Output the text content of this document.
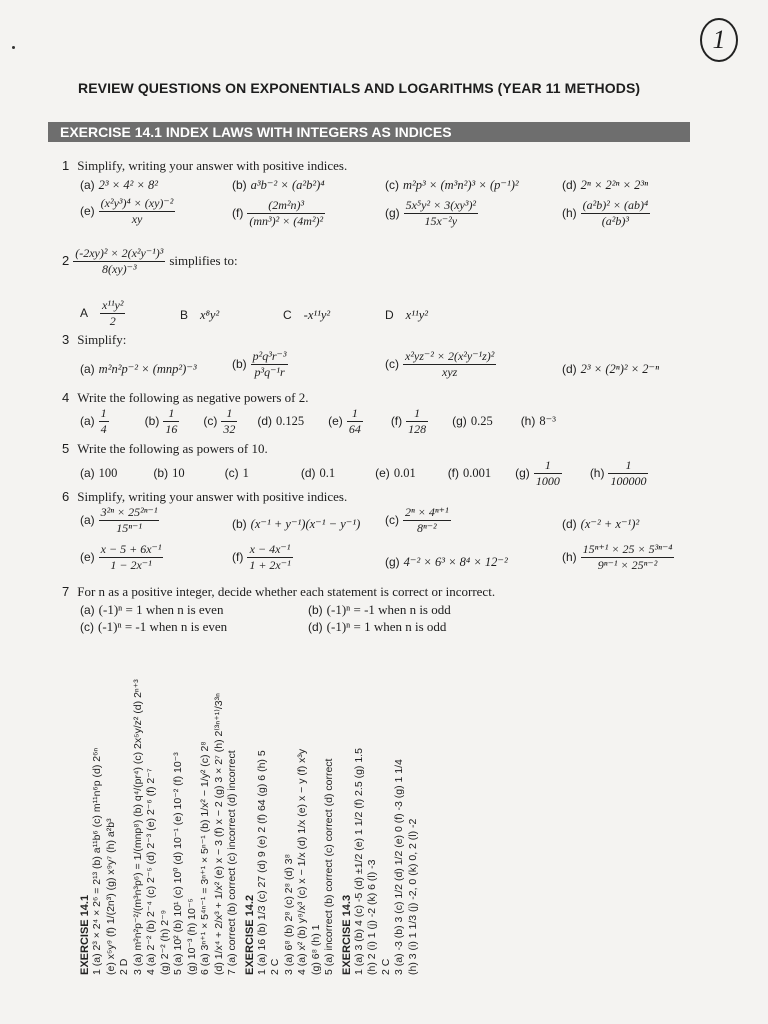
1
REVIEW QUESTIONS ON EXPONENTIALS AND LOGARITHMS (YEAR 11 METHODS)
EXERCISE 14.1 INDEX LAWS WITH INTEGERS AS INDICES
1 Simplify, writing your answer with positive indices.
(a) 2³ × 4² × 8²	(b) a³b⁻² × (a²b²)⁴	(c) m²p³ × (m³n²)³ × (p⁻¹)²	(d) 2ⁿ × 2²ⁿ × 2³ⁿ
$(e) \frac{\text{(x²y³)⁴ × (xy)⁻²}}{xy}$	$(f) \frac{\text{(2m²n)³}}{\text{(mn³)² × (4m²)²}}$	$(g) \frac{\text{5x⁵y² × 3(xy³)²}}{\text{15x⁻²y}}$	$(h) \frac{\text{(a²b)² × (ab)⁴}}{\text{(a²b)³}}$
$2 \frac{\text{(-2xy)² × 2(x²y⁻¹)³}}{\text{8(xy)⁻³}}$ simplifies to:
A $\frac{\text{x¹¹y²}}{2}$	B x⁸y²	C -x¹¹y²	D x¹¹y²
3 Simplify:
(a) m²n²p⁻² × (mnp²)⁻³	$(b) \frac{\text{p²q³r⁻³}}{\text{p³q⁻¹r}}$	$(c) \frac{\text{x²yz⁻² × 2(x²y⁻¹z)²}}{\text{xyz}}$	(d) 2³ × (2ⁿ)² × 2⁻ⁿ
4 Write the following as negative powers of 2.
$(a) \frac{1}{4}$	$(b) \frac{1}{16} (c) \frac{1}{32} (d)$ 0.125 $(e) \frac{1}{64} (f) \frac{1}{128} (g)$ 0.25 (h) 8⁻³
5 Write the following as powers of 10.
(a) 100	(b) 10	(c) 1	(d) 0.1	(e) 0.01	(f) 0.001 $(g) \frac{1}{1000} (h) \frac{1}{100000}$
6 Simplify, writing your answer with positive indices.
$(a) \frac{\text{3²ⁿ × 25²ⁿ⁻¹}}{\text{15ⁿ⁻¹}}$	(b) (x⁻¹ + y⁻¹)(x⁻¹ − y⁻¹) $(c) \frac{\text{2ⁿ × 4ⁿ⁺¹}}{\text{8ⁿ⁻²}}$	(d) (x⁻² + x⁻¹)²
$(e) \frac{\text{x − 5 + 6x⁻¹}}{\text{1 − 2x⁻¹}}$	$(f) \frac{\text{x − 4x⁻¹}}{\text{1 + 2x⁻¹}}$	(g) 4⁻² × 6³ × 8⁴ × 12⁻²	$(h) \frac{\text{15ⁿ⁺¹ × 25 × 5³ⁿ⁻⁴}}{\text{9ⁿ⁻¹ × 25ⁿ⁻²}}$
7 For n as a positive integer, decide whether each statement is correct or incorrect.
(a) (-1)ⁿ = 1 when n is even	(b) (-1)ⁿ = -1 when n is odd
(c) (-1)ⁿ = -1 when n is even	(d) (-1)ⁿ = 1 when n is odd
EXERCISE 14.1 1 (a) 2³ × 2⁴ × 2⁶ = 2¹³ (b) a¹¹b⁶ (c) m¹¹n⁶p (d) 2⁶ⁿ (e) x⁵y⁹ (f) 1/(2n³) (g) x⁹y⁷ (h) a²b³ 2 D 3 (a) m²n²p⁻²/(m³n³p⁶) = 1/(mnp⁸) (b) q⁴/(pr⁴) (c) 2x⁵y/z² (d) 2ⁿ⁺³ 4 (a) 2⁻² (b) 2⁻⁴ (c) 2⁻⁵ (d) 2⁻³ (e) 2⁻⁶ (f) 2⁻⁷ (g) 2⁻² (h) 2⁻⁹ 5 (a) 10² (b) 10¹ (c) 10⁰ (d) 10⁻¹ (e) 10⁻² (f) 10⁻³ (g) 10⁻³ (h) 10⁻⁵ 6 (a) 3ⁿ⁺¹ × 5⁴ⁿ⁻¹ = 3ⁿ⁺¹ × 5ⁿ⁻¹ (b) 1/x² − 1/y² (c) 2⁸ (d) 1/x⁴ + 2/x³ + 1/x² (e) x − 3 (f) x − 2 (g) 3 × 2⁷ (h) 2⁽³ⁿ⁺¹⁾/3³ⁿ 7 (a) correct (b) correct (c) incorrect (d) incorrect EXERCISE 14.2 1 (a) 16 (b) 1/3 (c) 27 (d) 9 (e) 2 (f) 64 (g) 6 (h) 5 2 C 3 (a) 6⁸ (b) 2⁸ (c) 2⁸ (d) 3⁸ 4 (a) x² (b) y⁹/x³ (c) x − 1/x (d) 1/x (e) x − y (f) x³y (g) 6⁸ (h) 1 5 (a) incorrect (b) correct (c) correct (d) correct EXERCISE 14.3 1 (a) 3 (b) 4 (c) -5 (d) ±1/2 (e) 1 1/2 (f) 2.5 (g) 1.5 (h) 2 (i) 1 (j) -2 (k) 6 (l) -3 2 C 3 (a) -3 (b) 3 (c) 1/2 (d) 1/2 (e) 0 (f) -3 (g) 1 1/4 (h) 3 (i) 1 1/3 (j) -2, 0 (k) 0, 2 (l) -2
